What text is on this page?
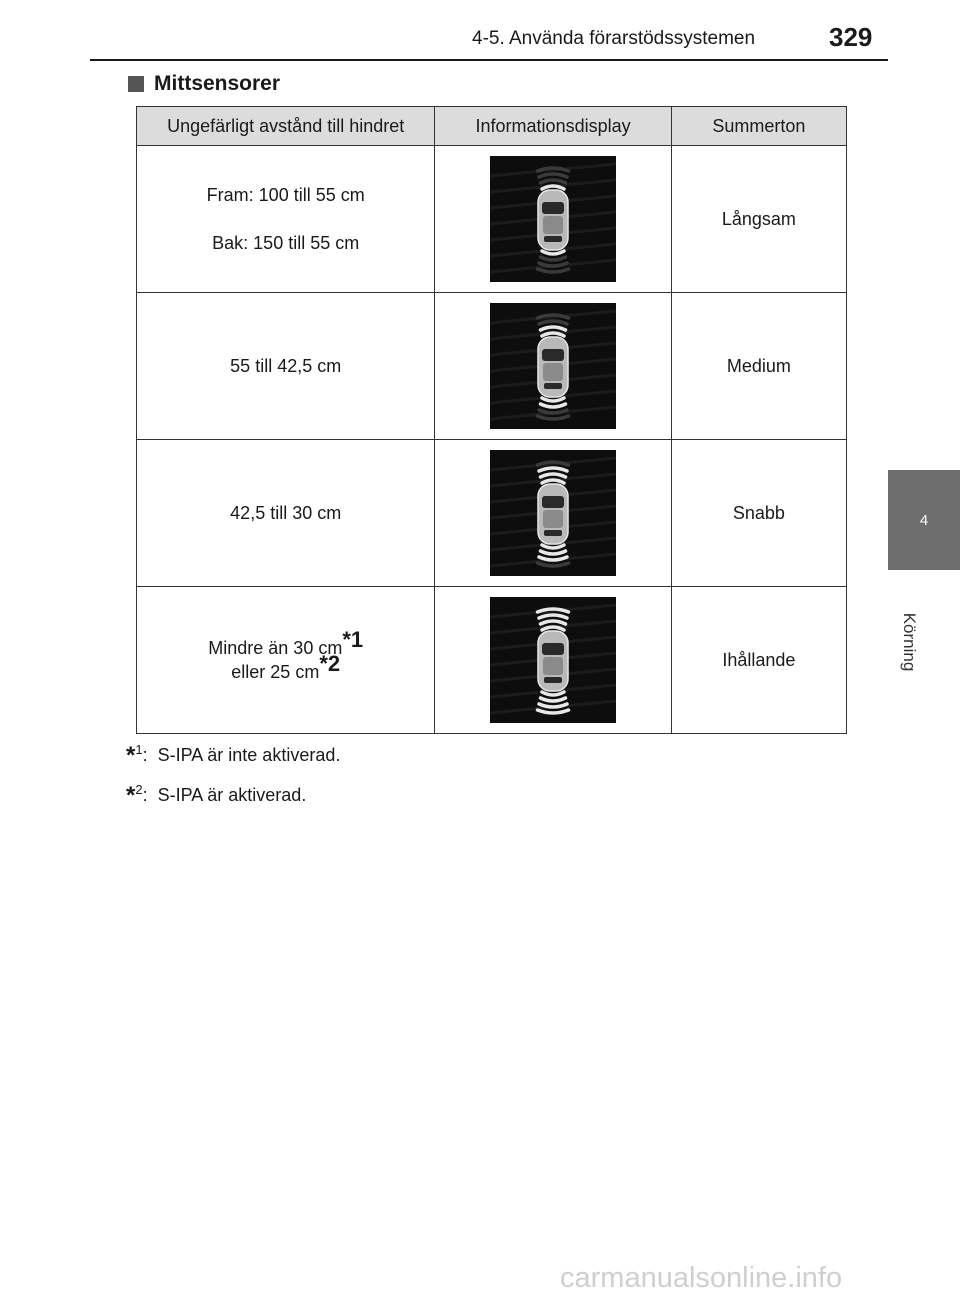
4-5. Använda förarstödssystemen	329
4
Körning
Mittsensorer
Ungefärligt avstånd till hindret	Informationsdisplay	Summerton

Fram: 100 till 55 cm
Bak: 150 till 55 cm		Långsam
55 till 42,5 cm		Medium
42,5 till 30 cm		Snabb

Mindre än 30 cm*1
eller 25 cm*2		Ihållande
*$^1$: S-IPA är inte aktiverad.
*$^2$: S-IPA är aktiverad.
carmanualsonline.info
